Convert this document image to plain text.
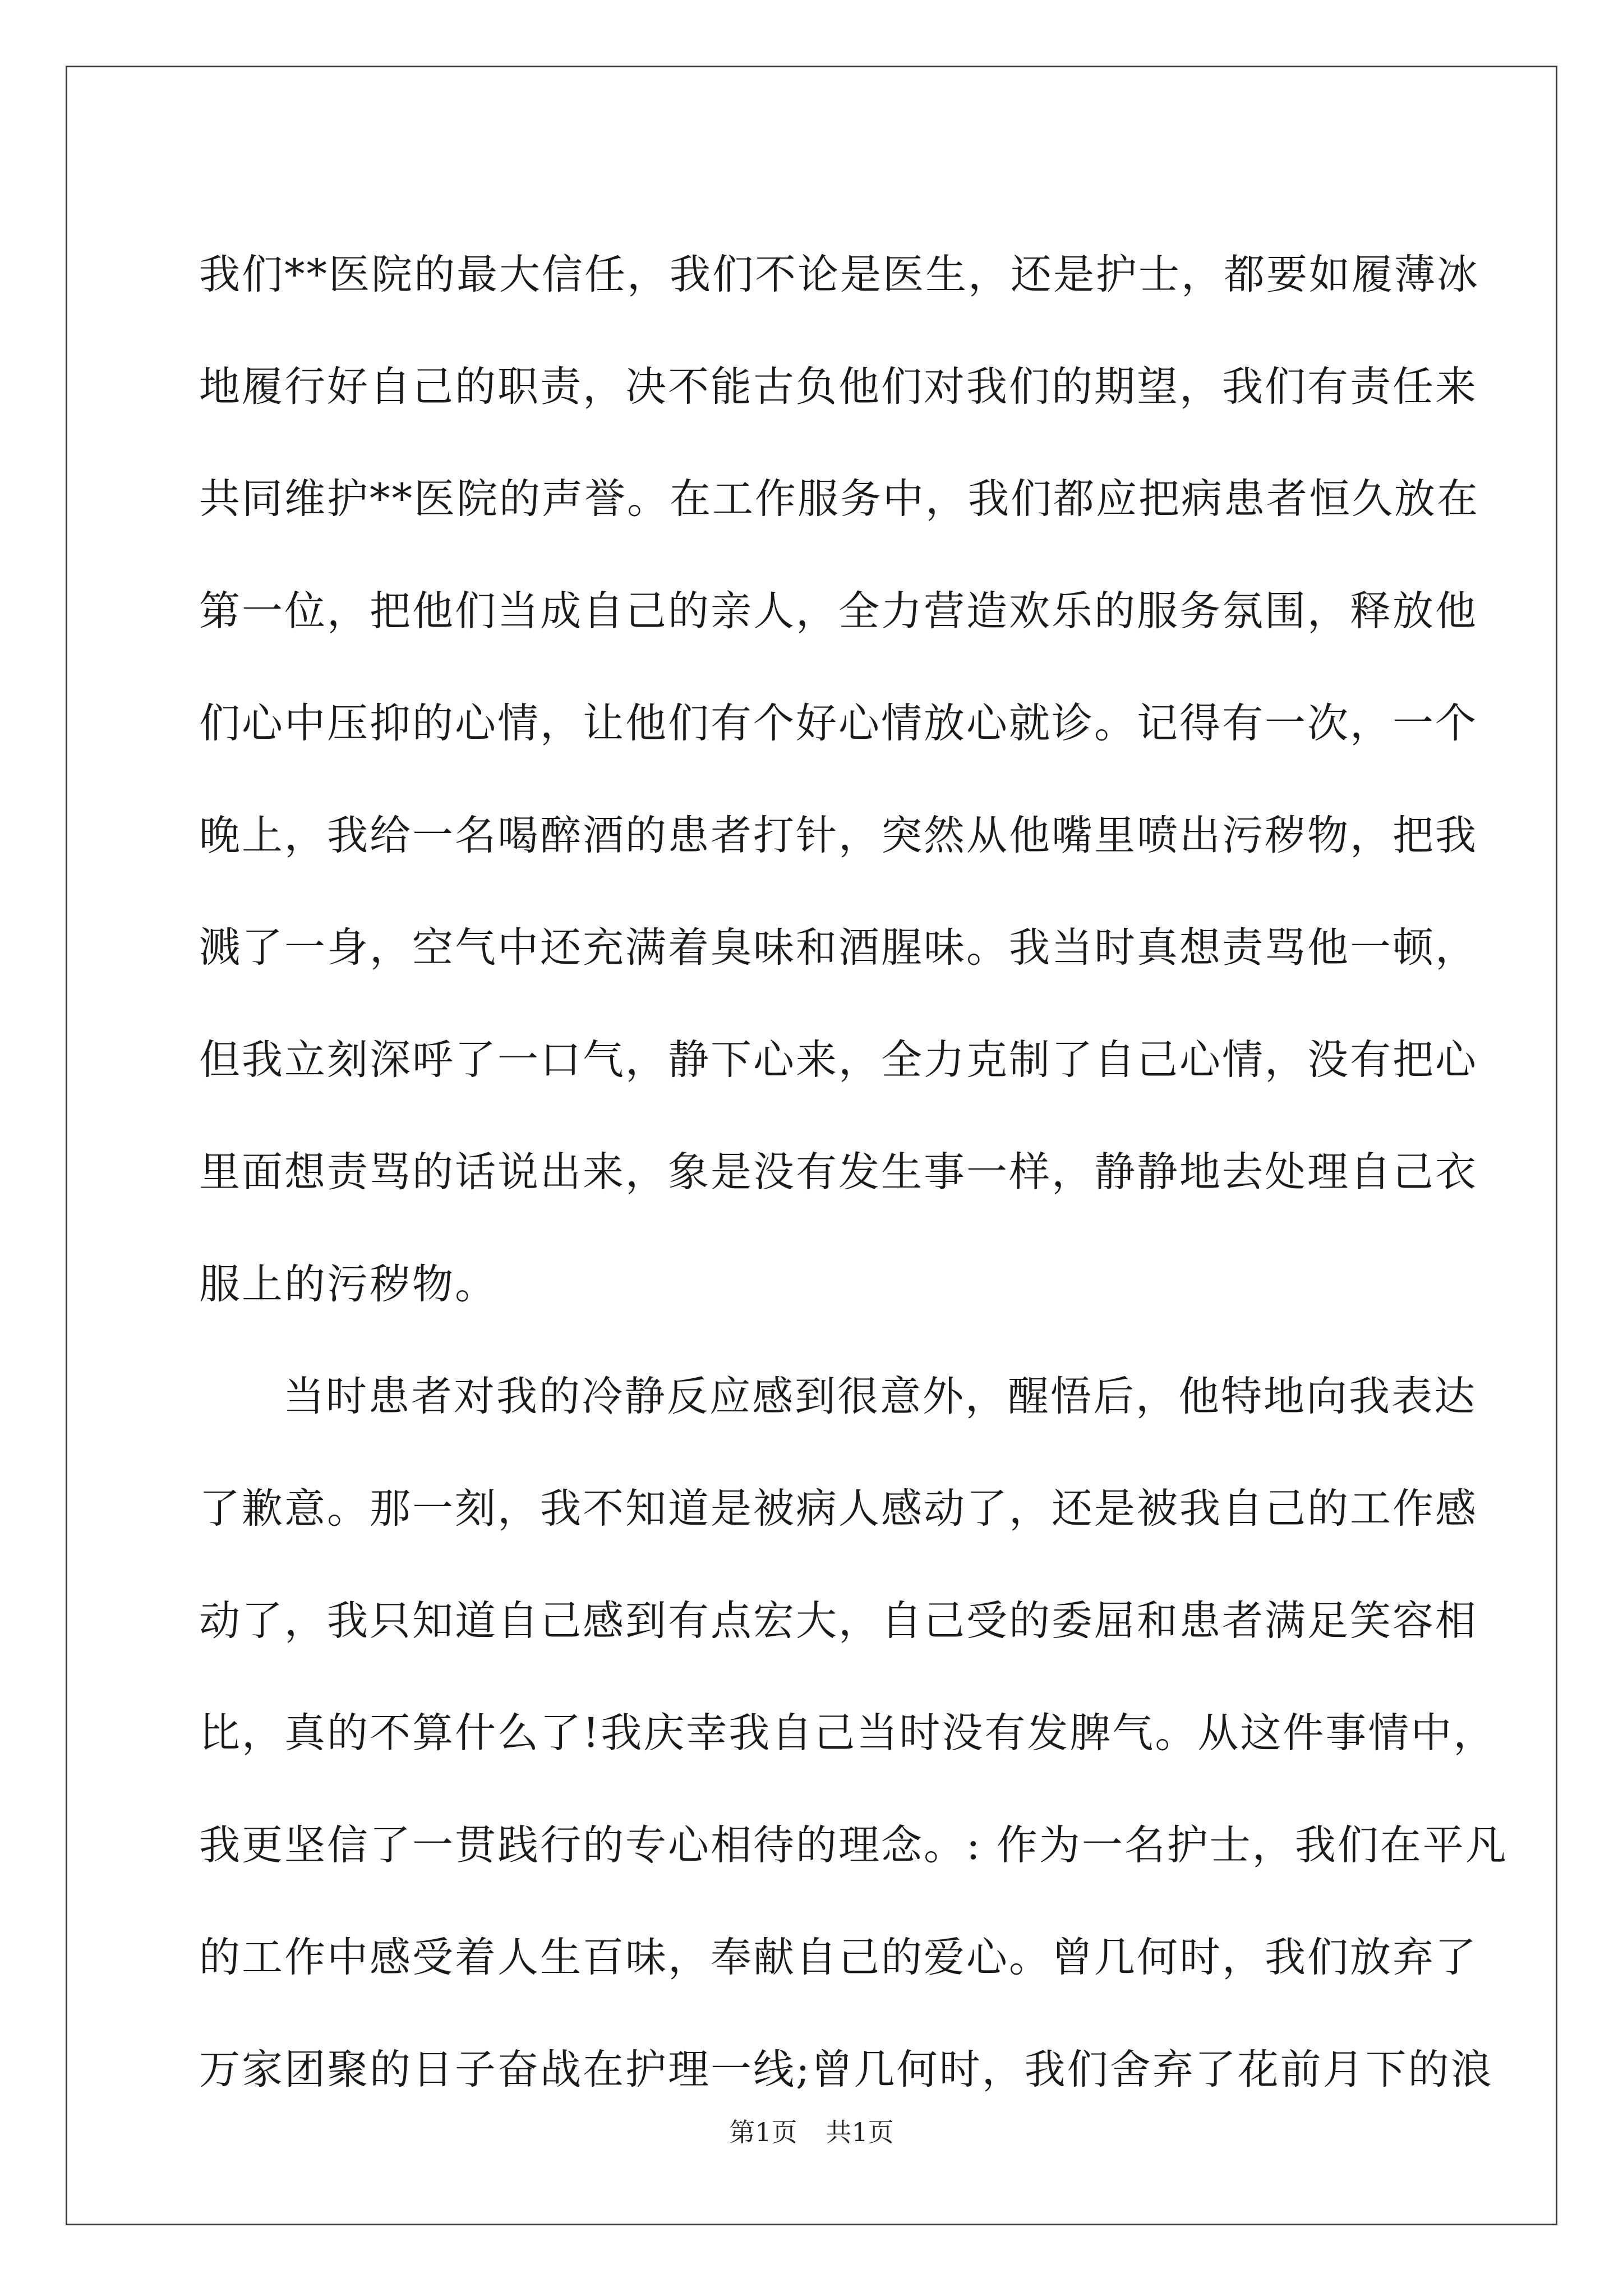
我们**医院的最大信任，我们不论是医生，还是护士，都要如履薄冰
地履行好自己的职责，决不能古负他们对我们的期望，我们有责任来
共同维护**医院的声誉。在工作服务中，我们都应把病患者恒久放在
第一位，把他们当成自己的亲人，全力营造欢乐的服务氛围，释放他
们心中压抑的心情，让他们有个好心情放心就诊。记得有一次，一个
晚上，我给一名喝醉酒的患者打针，突然从他嘴里喷出污秽物，把我
溅了一身，空气中还充满着臭味和酒腥味。我当时真想责骂他一顿，
但我立刻深呼了一口气，静下心来，全力克制了自己心情，没有把心
里面想责骂的话说出来，象是没有发生事一样，静静地去处理自己衣
服上的污秽物。
当时患者对我的冷静反应感到很意外，醒悟后，他特地向我表达
了歉意。那一刻，我不知道是被病人感动了，还是被我自己的工作感
动了，我只知道自己感到有点宏大，自己受的委屈和患者满足笑容相
比，真的不算什么了!我庆幸我自己当时没有发脾气。从这件事情中，
我更坚信了一贯践行的专心相待的理念。: 作为一名护士，我们在平凡
的工作中感受着人生百味，奉献自己的爱心。曾几何时，我们放弃了
万家团聚的日子奋战在护理一线;曾几何时，我们舍弃了花前月下的浪
第1页 共1页
